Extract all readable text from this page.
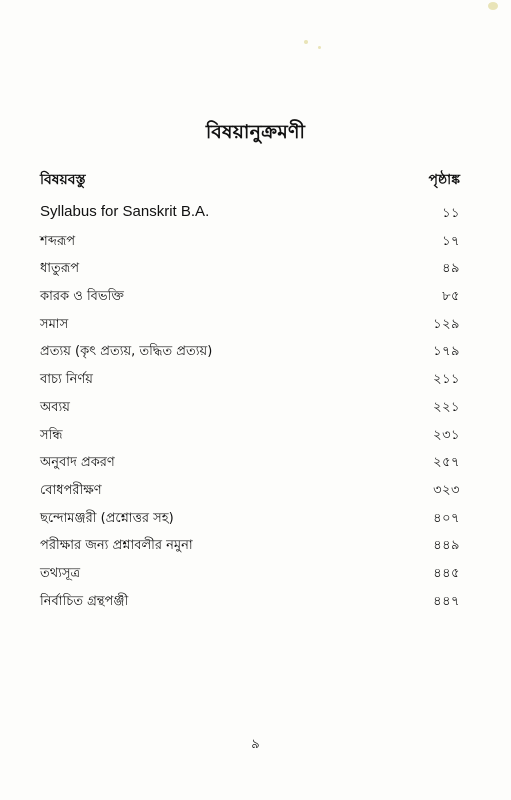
বিষয়ানুক্রমণী
বিষয়বস্তু	পৃষ্ঠাঙ্ক
Syllabus for Sanskrit B.A.	১১
শব্দরূপ	১৭
ধাতুরূপ	৪৯
কারক ও বিভক্তি	৮৫
সমাস	১২৯
প্রত্যয় (কৃৎ প্রত্যয়, তদ্ধিত প্রত্যয়)	১৭৯
বাচ্য নির্ণয়	২১১
অব্যয়	২২১
সন্ধি	২৩১
অনুবাদ প্রকরণ	২৫৭
বোধপরীক্ষণ	৩২৩
ছন্দোমঞ্জরী (প্রশ্নোত্তর সহ)	৪০৭
পরীক্ষার জন্য প্রশ্নাবলীর নমুনা	৪৪৯
তথ্যসূত্র	৪৪৫
নির্বাচিত গ্রন্থপঞ্জী	৪৪৭
৯
